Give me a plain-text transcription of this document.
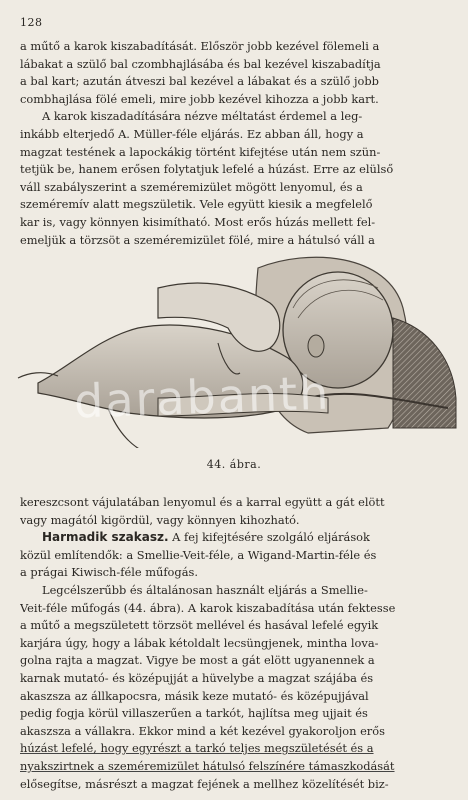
128
a műtő a karok kiszabadítását. Először jobb kezével fölemeli a
lábakat a szülő bal czombhajlásába és bal kezével kiszabadítja
a bal kart; azután átveszi bal kezével a lábakat és a szülő jobb
combhajlása fölé emeli, mire jobb kezével kihozza a jobb kart.
A karok kiszadadítására nézve méltatást érdemel a leg-
inkább elterjedő A. Müller-féle eljárás. Ez abban áll, hogy a
magzat testének a lapockákig történt kifejtése után nem szün-
tetjük be, hanem erősen folytatjuk lefelé a húzást. Erre az elülső
váll szabályszerint a szeméremizület mögött lenyomul, és a
szeméremív alatt megszületik. Vele együtt kiesik a megfelelő
kar is, vagy könnyen kisimítható. Most erős húzás mellett fel-
emeljük a törzsöt a szeméremizület fölé, mire a hátulsó váll a
darabanth
44. ábra.
kereszcsont vájulatában lenyomul és a karral együtt a gát elött
vagy magától kigördül, vagy könnyen kihozható.
Harmadik szakasz. A fej kifejtésére szolgáló eljárások
közül említendők: a Smellie-Veit-féle, a Wigand-Martin-féle és
a prágai Kiwisch-féle műfogás.
Legcélszerűbb és általánosan használt eljárás a Smellie-
Veit-féle műfogás (44. ábra). A karok kiszabadítása után fektesse
a műtő a megszületett törzsöt mellével és hasával lefelé egyik
karjára úgy, hogy a lábak kétoldalt lecsüngjenek, mintha lova-
golna rajta a magzat. Vigye be most a gát elött ugyanennek a
karnak mutató- és középujját a hüvelybe a magzat szájába és
akaszsza az állkapocsra, másik keze mutató- és középujjával
pedig fogja körül villaszerűen a tarkót, hajlítsa meg ujjait és
akaszsza a vállakra. Ekkor mind a két kezével gyakoroljon erős
húzást lefelé, hogy egyrészt a tarkó teljes megszületését és a
nyakszirtnek a szeméremizület hátulsó felszínére támaszkodását
elősegítse, másrészt a magzat fejének a mellhez közelítését biz-
